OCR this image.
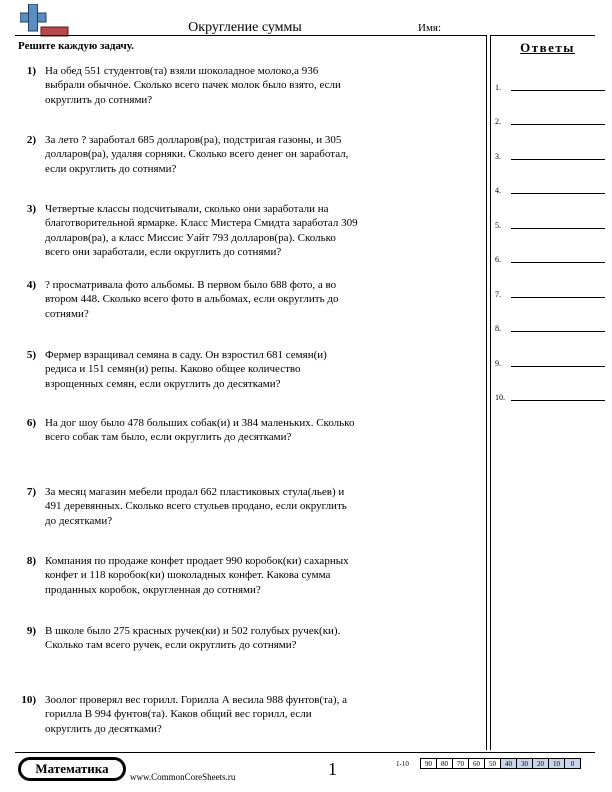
Округление суммы	Имя:
Решите каждую задачу.	Ответы
1.
2.
3.
4.
5.
6.
7.
8.
9.
10.
1) На обед 551 студентов(та) взяли шоколадное молоко,а 936 выбрали обычное. Сколько всего пачек молок было взято, если округлить до сотнями?
2) За лето ? заработал 685 долларов(ра), подстригая газоны, и 305 долларов(ра), удаляя сорняки. Сколько всего денег он заработал, если округлить до сотнями?
3) Четвертые классы подсчитывали, сколько они заработали на благотворительной ярмарке. Класс Мистера Смидта заработал 309 долларов(ра), а класс Миссис Уайт 793 долларов(ра). Сколько всего они заработали, если округлить до сотнями?
4) ? просматривала фото альбомы. В первом было 688 фото, а во втором 448. Сколько всего фото в альбомах, если округлить до сотнями?
5) Фермер взращивал семяна в саду. Он взростил 681 семян(и) редиса и 151 семян(и) репы. Каково общее количество взрощенных семян, если округлить до десятками?
6) На дог шоу было 478 больших собак(и) и 384 маленьких. Сколько всего собак там было, если округлить до десятками?
7) За месяц магазин мебели продал 662 пластиковых стула(льев) и 491 деревянных. Сколько всего стульев продано, если округлить до десятками?
8) Компания по продаже конфет продает 990 коробок(ки) сахарных конфет и 118 коробок(ки) шоколадных конфет. Какова сумма проданных коробок, округленная до сотнями?
9) В школе было 275 красных ручек(ки) и 502 голубых ручек(ки). Сколько там всего ручек, если округлить до сотнями?
10) Зоолог проверял вес горилл. Горилла А весила 988 фунтов(та), а горилла В 994 фунтов(та). Каков общий вес горилл, если округлить до десятками?
Математика
www.CommonCoreSheets.ru	1	1-10	90	80	70	60	50	40	30	20	10	0
